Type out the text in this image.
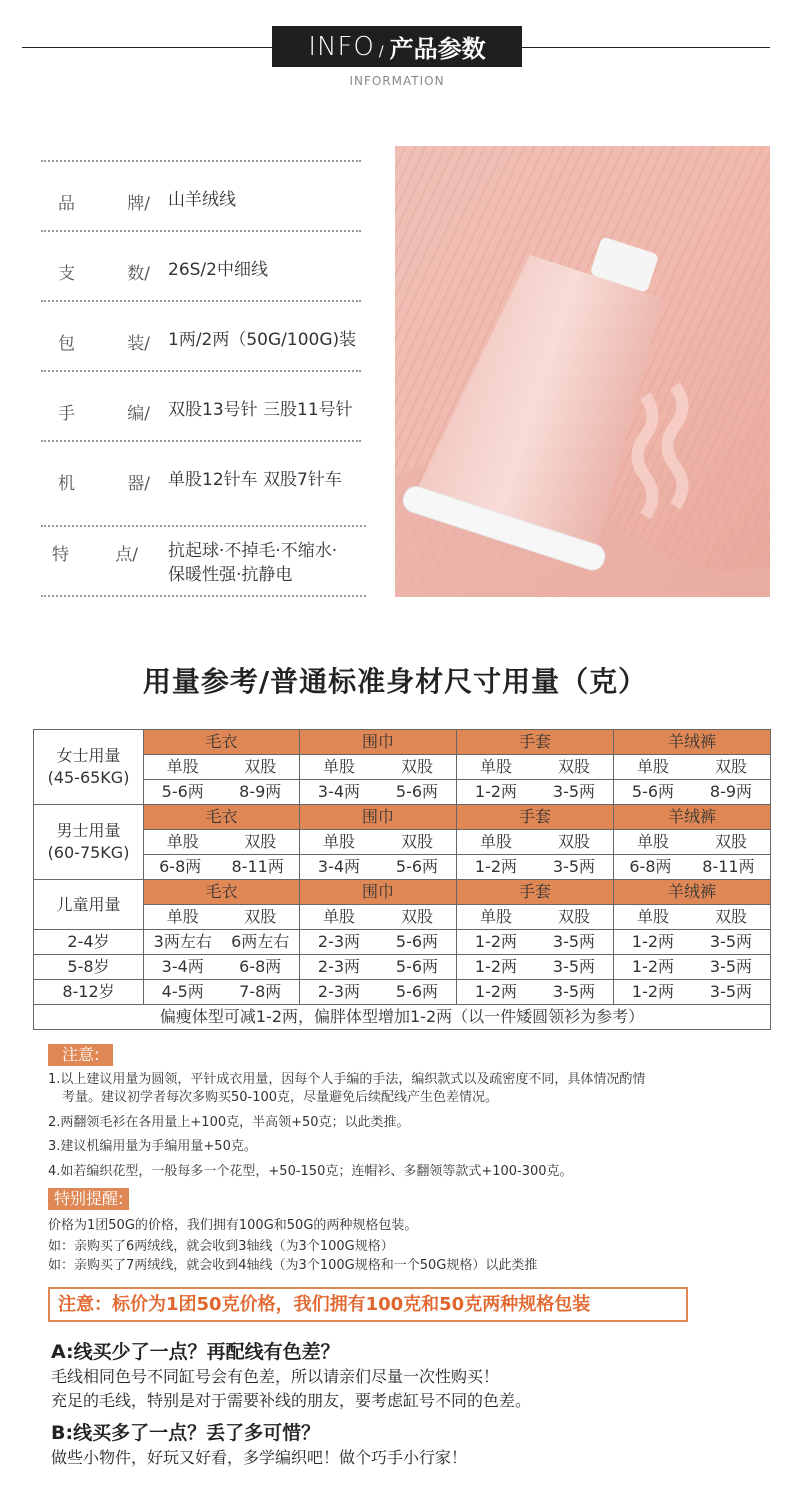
INFO / 产品参数
INFORMATION
品	牌/ 山羊绒线
支	数/ 26S/2中细线
包	装/ 1两/2两（50G/100G)装
手	编/ 双股13号针 三股11号针
机	器/ 单股12针车 双股7针车
特	点/ 抗起球·不掉毛·不缩水·
保暖性强·抗静电
用量参考/普通标准身材尺寸用量（克）
女士用量
(45-65KG)	毛衣	围巾	手套	羊绒裤

	单股 双股	单股 双股	单股 双股	单股 双股

	5-6两 8-9两	3-4两 5-6两	1-2两 3-5两	5-6两 8-9两

男士用量
(60-75KG)	毛衣	围巾	手套	羊绒裤

	单股 双股	单股 双股	单股 双股	单股 双股

	6-8两 8-11两	3-4两 5-6两	1-2两 3-5两	6-8两 8-11两

儿童用量	毛衣	围巾	手套	羊绒裤

	单股 双股	单股 双股	单股 双股	单股 双股

2-4岁	3两左右 6两左右	2-3两 5-6两	1-2两 3-5两	1-2两 3-5两

5-8岁	3-4两 6-8两	2-3两 5-6两	1-2两 3-5两	1-2两 3-5两

8-12岁	4-5两 7-8两	2-3两 5-6两	1-2两 3-5两	1-2两 3-5两

偏瘦体型可减1-2两，偏胖体型增加1-2两（以一件矮圆领衫为参考）				
注意:
1.以上建议用量为圆领，平针成衣用量，因每个人手编的手法，编织款式以及疏密度不同，具体情况酌情
考量。建议初学者每次多购买50-100克，尽量避免后续配线产生色差情况。
2.两翻领毛衫在各用量上+100克，半高领+50克；以此类推。
3.建议机编用量为手编用量+50克。
4.如若编织花型，一般每多一个花型，+50-150克；连帽衫、多翻领等款式+100-300克。
特别提醒:
价格为1团50G的价格，我们拥有100G和50G的两种规格包装。
如：亲购买了6两绒线，就会收到3轴线（为3个100G规格）
如：亲购买了7两绒线，就会收到4轴线（为3个100G规格和一个50G规格）以此类推
注意：标价为1团50克价格，我们拥有100克和50克两种规格包装
A:线买少了一点？再配线有色差？
毛线相同色号不同缸号会有色差，所以请亲们尽量一次性购买！
充足的毛线，特别是对于需要补线的朋友，要考虑缸号不同的色差。
B:线买多了一点？丢了多可惜？
做些小物件，好玩又好看，多学编织吧！做个巧手小行家！
